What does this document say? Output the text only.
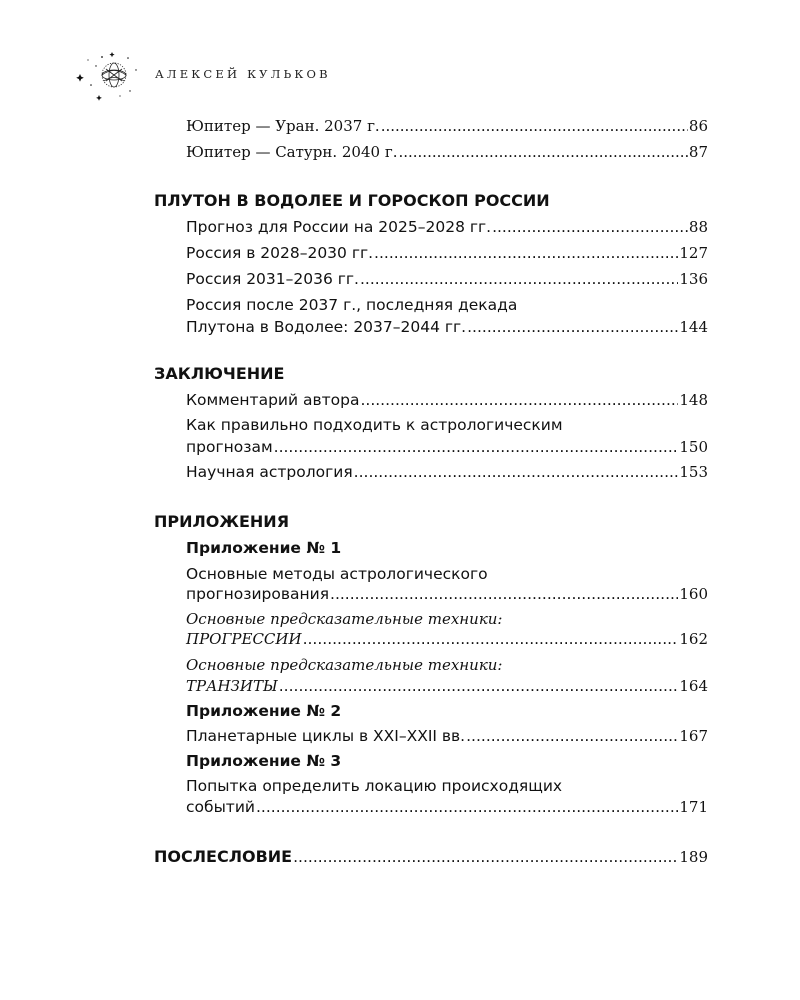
АЛЕКСЕЙ КУЛЬКОВ
Юпитер — Уран. 2037 г. .....	86
Юпитер — Сатурн. 2040 г. .....	87
ПЛУТОН В ВОДОЛЕЕ И ГОРОСКОП РОССИИ
Прогноз для России на 2025–2028 гг. .....	88
Россия в 2028–2030 гг. .....	127
Россия 2031–2036 гг. .....	136
Россия после 2037 г., последняя декада
Плутона в Водолее: 2037–2044 гг. .....	144
ЗАКЛЮЧЕНИЕ
Комментарий автора .....	148
Как правильно подходить к астрологическим
прогнозам .....	150
Научная астрология .....	153
ПРИЛОЖЕНИЯ
Приложение № 1
Основные методы астрологического
прогнозирования .....	160
Основные предсказательные техники:
ПРОГРЕССИИ .....	162
Основные предсказательные техники:
ТРАНЗИТЫ .....	164
Приложение № 2
Планетарные циклы в XXI–XXII вв. .....	167
Приложение № 3
Попытка определить локацию происходящих
событий .....	171
ПОСЛЕСЛОВИЕ .....	189
